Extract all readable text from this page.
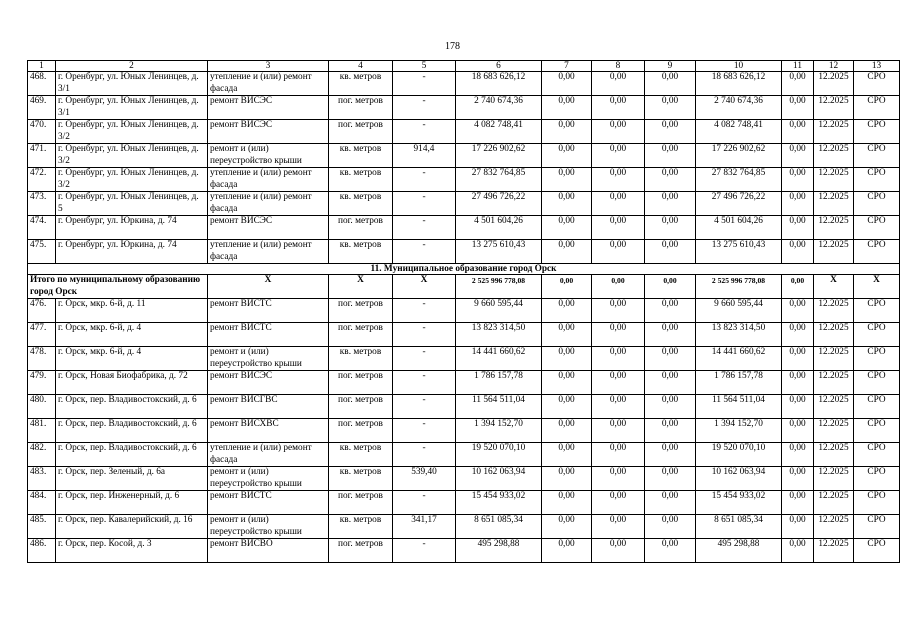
178
1	2	3	4	5	6	7	8	9	10	11	12	13
468.	г. Оренбург, ул. Юных Ленинцев, д. 3/1	утепление и (или) ремонт фасада	кв. метров	-	18 683 626,12	0,00	0,00	0,00	18 683 626,12	0,00	12.2025	СРО
469.	г. Оренбург, ул. Юных Ленинцев, д. 3/1	ремонт ВИСЭС	пог. метров	-	2 740 674,36	0,00	0,00	0,00	2 740 674,36	0,00	12.2025	СРО
470.	г. Оренбург, ул. Юных Ленинцев, д. 3/2	ремонт ВИСЭС	пог. метров	-	4 082 748,41	0,00	0,00	0,00	4 082 748,41	0,00	12.2025	СРО
471.	г. Оренбург, ул. Юных Ленинцев, д. 3/2	ремонт и (или) переустройство крыши	кв. метров	914,4	17 226 902,62	0,00	0,00	0,00	17 226 902,62	0,00	12.2025	СРО
472.	г. Оренбург, ул. Юных Ленинцев, д. 3/2	утепление и (или) ремонт фасада	кв. метров	-	27 832 764,85	0,00	0,00	0,00	27 832 764,85	0,00	12.2025	СРО
473.	г. Оренбург, ул. Юных Ленинцев, д. 5	утепление и (или) ремонт фасада	кв. метров	-	27 496 726,22	0,00	0,00	0,00	27 496 726,22	0,00	12.2025	СРО
474.	г. Оренбург, ул. Юркина, д. 74	ремонт ВИСЭС	пог. метров	-	4 501 604,26	0,00	0,00	0,00	4 501 604,26	0,00	12.2025	СРО
475.	г. Оренбург, ул. Юркина, д. 74	утепление и (или) ремонт фасада	кв. метров	-	13 275 610,43	0,00	0,00	0,00	13 275 610,43	0,00	12.2025	СРО
11. Муниципальное образование город Орск												
Итого по муниципальному образованию город Орск		Х	Х	Х	2 525 996 778,08	0,00	0,00	0,00	2 525 996 778,08	0,00	Х	Х
476.	г. Орск, мкр. 6-й, д. 11	ремонт ВИСТС	пог. метров	-	9 660 595,44	0,00	0,00	0,00	9 660 595,44	0,00	12.2025	СРО
477.	г. Орск, мкр. 6-й, д. 4	ремонт ВИСТС	пог. метров	-	13 823 314,50	0,00	0,00	0,00	13 823 314,50	0,00	12.2025	СРО
478.	г. Орск, мкр. 6-й, д. 4	ремонт и (или) переустройство крыши	кв. метров	-	14 441 660,62	0,00	0,00	0,00	14 441 660,62	0,00	12.2025	СРО
479.	г. Орск, Новая Биофабрика, д. 72	ремонт ВИСЭС	пог. метров	-	1 786 157,78	0,00	0,00	0,00	1 786 157,78	0,00	12.2025	СРО
480.	г. Орск, пер. Владивостокский, д. 6	ремонт ВИСГВС	пог. метров	-	11 564 511,04	0,00	0,00	0,00	11 564 511,04	0,00	12.2025	СРО
481.	г. Орск, пер. Владивостокский, д. 6	ремонт ВИСХВС	пог. метров	-	1 394 152,70	0,00	0,00	0,00	1 394 152,70	0,00	12.2025	СРО
482.	г. Орск, пер. Владивостокский, д. 6	утепление и (или) ремонт фасада	кв. метров	-	19 520 070,10	0,00	0,00	0,00	19 520 070,10	0,00	12.2025	СРО
483.	г. Орск, пер. Зеленый, д. 6а	ремонт и (или) переустройство крыши	кв. метров	539,40	10 162 063,94	0,00	0,00	0,00	10 162 063,94	0,00	12.2025	СРО
484.	г. Орск, пер. Инженерный, д. 6	ремонт ВИСТС	пог. метров	-	15 454 933,02	0,00	0,00	0,00	15 454 933,02	0,00	12.2025	СРО
485.	г. Орск, пер. Кавалерийский, д. 16	ремонт и (или) переустройство крыши	кв. метров	341,17	8 651 085,34	0,00	0,00	0,00	8 651 085,34	0,00	12.2025	СРО
486.	г. Орск, пер. Косой, д. 3	ремонт ВИСВО	пог. метров	-	495 298,88	0,00	0,00	0,00	495 298,88	0,00	12.2025	СРО
